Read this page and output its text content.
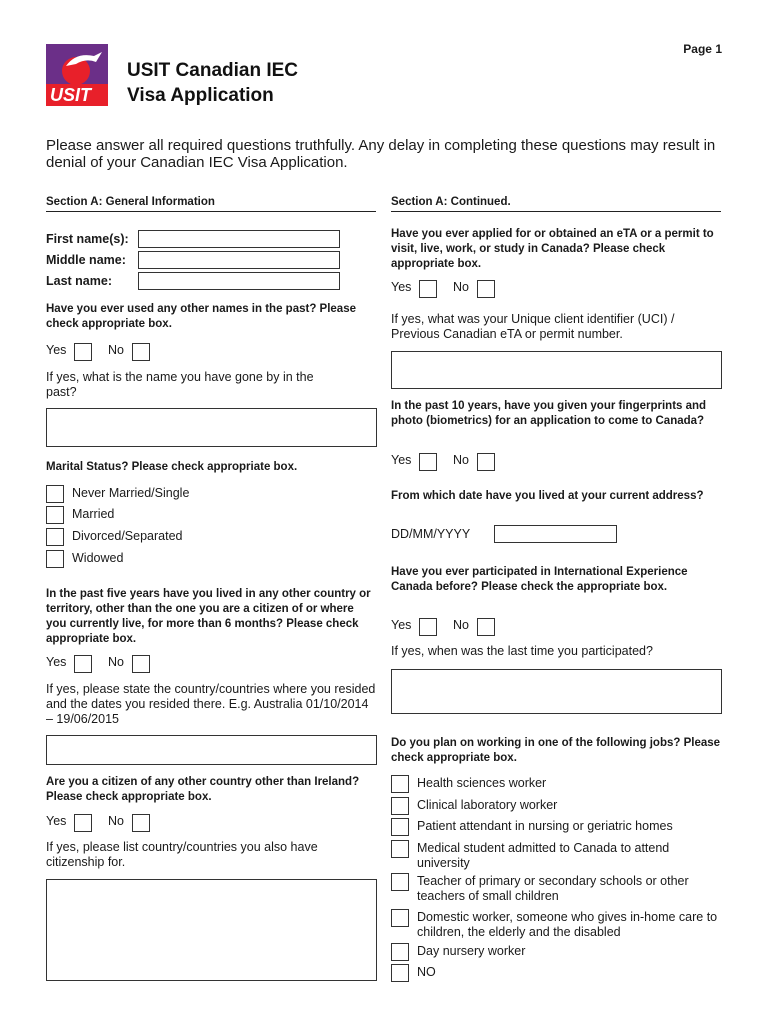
USIT
USIT Canadian IEC
Visa Application
Page 1
Please answer all required questions truthfully. Any delay in completing these questions may result in denial of your Canadian IEC Visa Application.
Section A: General Information
First name(s):
Middle name:
Last name:
Have you ever used any other names in the past? Please check appropriate box.
Yes	No
If yes, what is the name you have gone by in the past?
Marital Status? Please check appropriate box.
Never Married/Single
Married
Divorced/Separated
Widowed
In the past five years have you lived in any other country or territory, other than the one you are a citizen of or where you currently live, for more than 6 months? Please check appropriate box.
Yes	No
If yes, please state the country/countries where you resided and the dates you resided there. E.g. Australia 01/10/2014 – 19/06/2015
Are you a citizen of any other country other than Ireland? Please check appropriate box.
Yes	No
If yes, please list country/countries you also have citizenship for.
Section A: Continued.
Have you ever applied for or obtained an eTA or a permit to visit, live, work, or study in Canada? Please check appropriate box.
Yes	No
If yes, what was your Unique client identifier (UCI) / Previous Canadian eTA or permit number.
In the past 10 years, have you given your fingerprints and photo (biometrics) for an application to come to Canada?
Yes	No
From which date have you lived at your current address?
DD/MM/YYYY
Have you ever participated in International Experience Canada before? Please check the appropriate box.
Yes	No
If yes, when was the last time you participated?
Do you plan on working in one of the following jobs? Please check appropriate box.
Health sciences worker
Clinical laboratory worker
Patient attendant in nursing or geriatric homes
Medical student admitted to Canada to attend university
Teacher of primary or secondary schools or other teachers of small children
Domestic worker, someone who gives in-home care to children, the elderly and the disabled
Day nursery worker
NO
